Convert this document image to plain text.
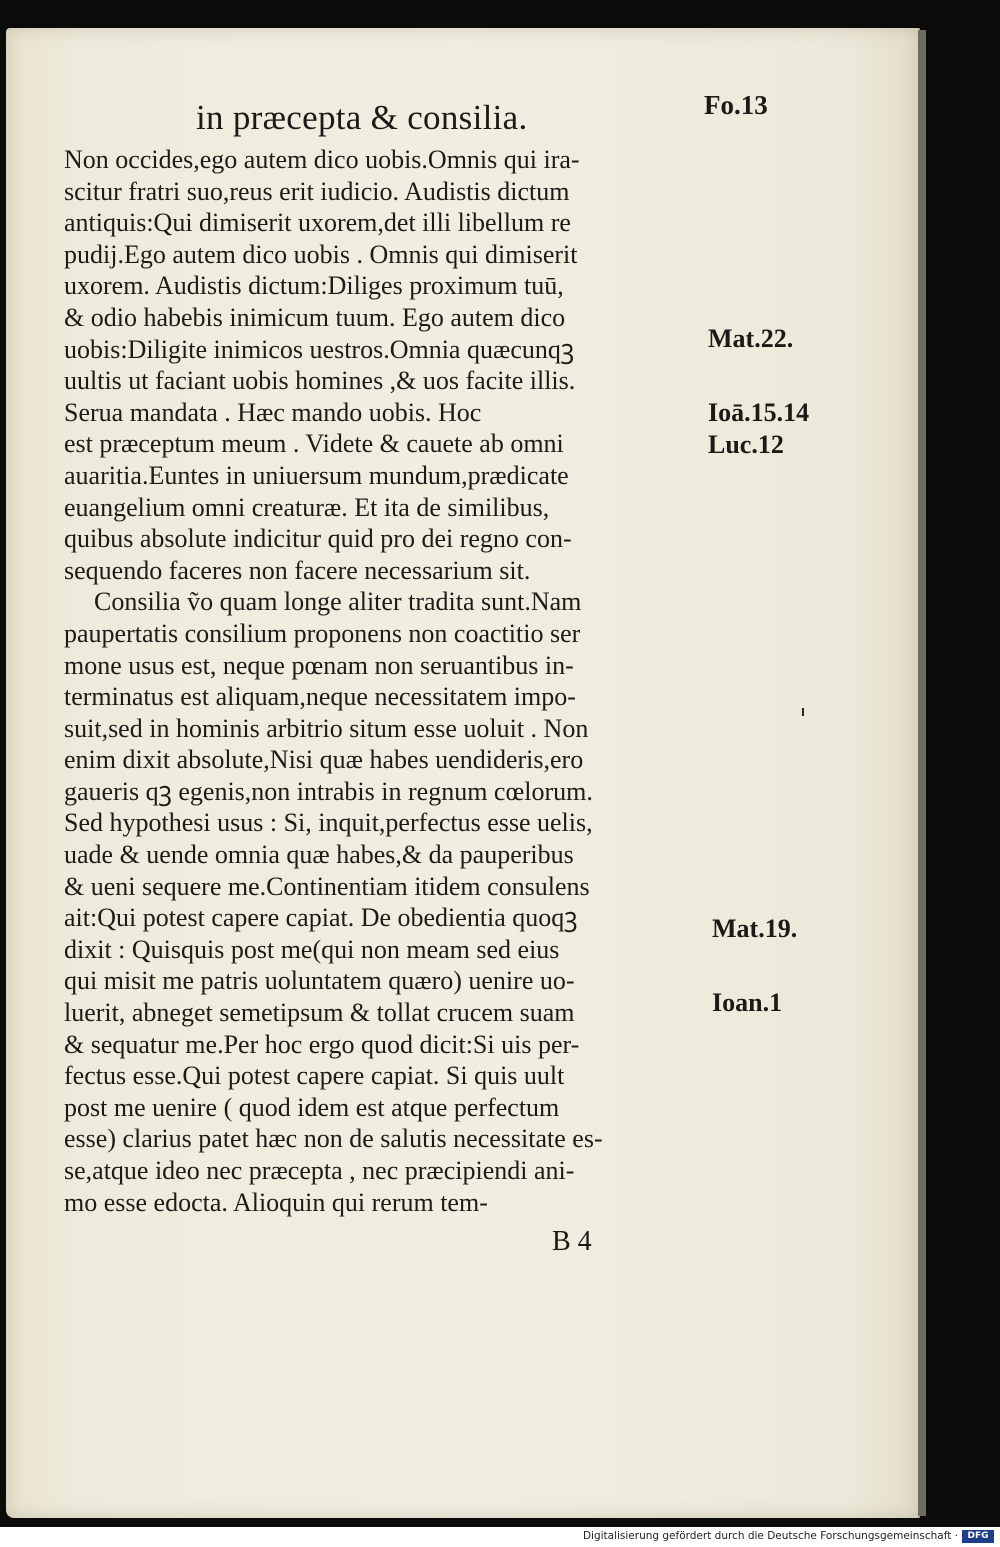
in præcepta & consilia.	Fo.13
Non occides,ego autem dico uobis.Omnis qui ira-
scitur fratri suo,reus erit iudicio. Audistis dictum
antiquis:Qui dimiserit uxorem,det illi libellum re
pudij.Ego autem dico uobis . Omnis qui dimiserit
uxorem. Audistis dictum:Diliges proximum tuū,
& odio habebis inimicum tuum. Ego autem dico
uobis:Diligite inimicos uestros.Omnia quæcunqꝫ
uultis ut faciant uobis homines ,& uos facite illis.
Serua mandata . Hæc mando uobis. Hoc
est præceptum meum . Videte & cauete ab omni
auaritia.Euntes in uniuersum mundum,prædicate
euangelium omni creaturæ. Et ita de similibus,
quibus absolute indicitur quid pro dei regno con-
sequendo faceres non facere necessarium sit.
Consilia ṽo quam longe aliter tradita sunt.Nam
paupertatis consilium proponens non coactitio ser
mone usus est, neque pœnam non seruantibus in-
terminatus est aliquam,neque necessitatem impo-
suit,sed in hominis arbitrio situm esse uoluit . Non
enim dixit absolute,Nisi quæ habes uendideris,ero
gaueris qꝫ egenis,non intrabis in regnum cœlorum.
Sed hypothesi usus : Si, inquit,perfectus esse uelis,
uade & uende omnia quæ habes,& da pauperibus
& ueni sequere me.Continentiam itidem consulens
ait:Qui potest capere capiat. De obedientia quoqꝫ
dixit : Quisquis post me(qui non meam sed eius
qui misit me patris uoluntatem quæro) uenire uo-
luerit, abneget semetipsum & tollat crucem suam
& sequatur me.Per hoc ergo quod dicit:Si uis per-
fectus esse.Qui potest capere capiat. Si quis uult
post me uenire ( quod idem est atque perfectum
esse) clarius patet hæc non de salutis necessitate es-
se,atque ideo nec præcepta , nec præcipiendi ani-
mo esse edocta. Alioquin qui rerum tem-
Mat.22.
Ioā.15.14
Luc.12
Mat.19.
Ioan.1
B 4
Digitalisierung gefördert durch die Deutsche Forschungsgemeinschaft ·	DFG
